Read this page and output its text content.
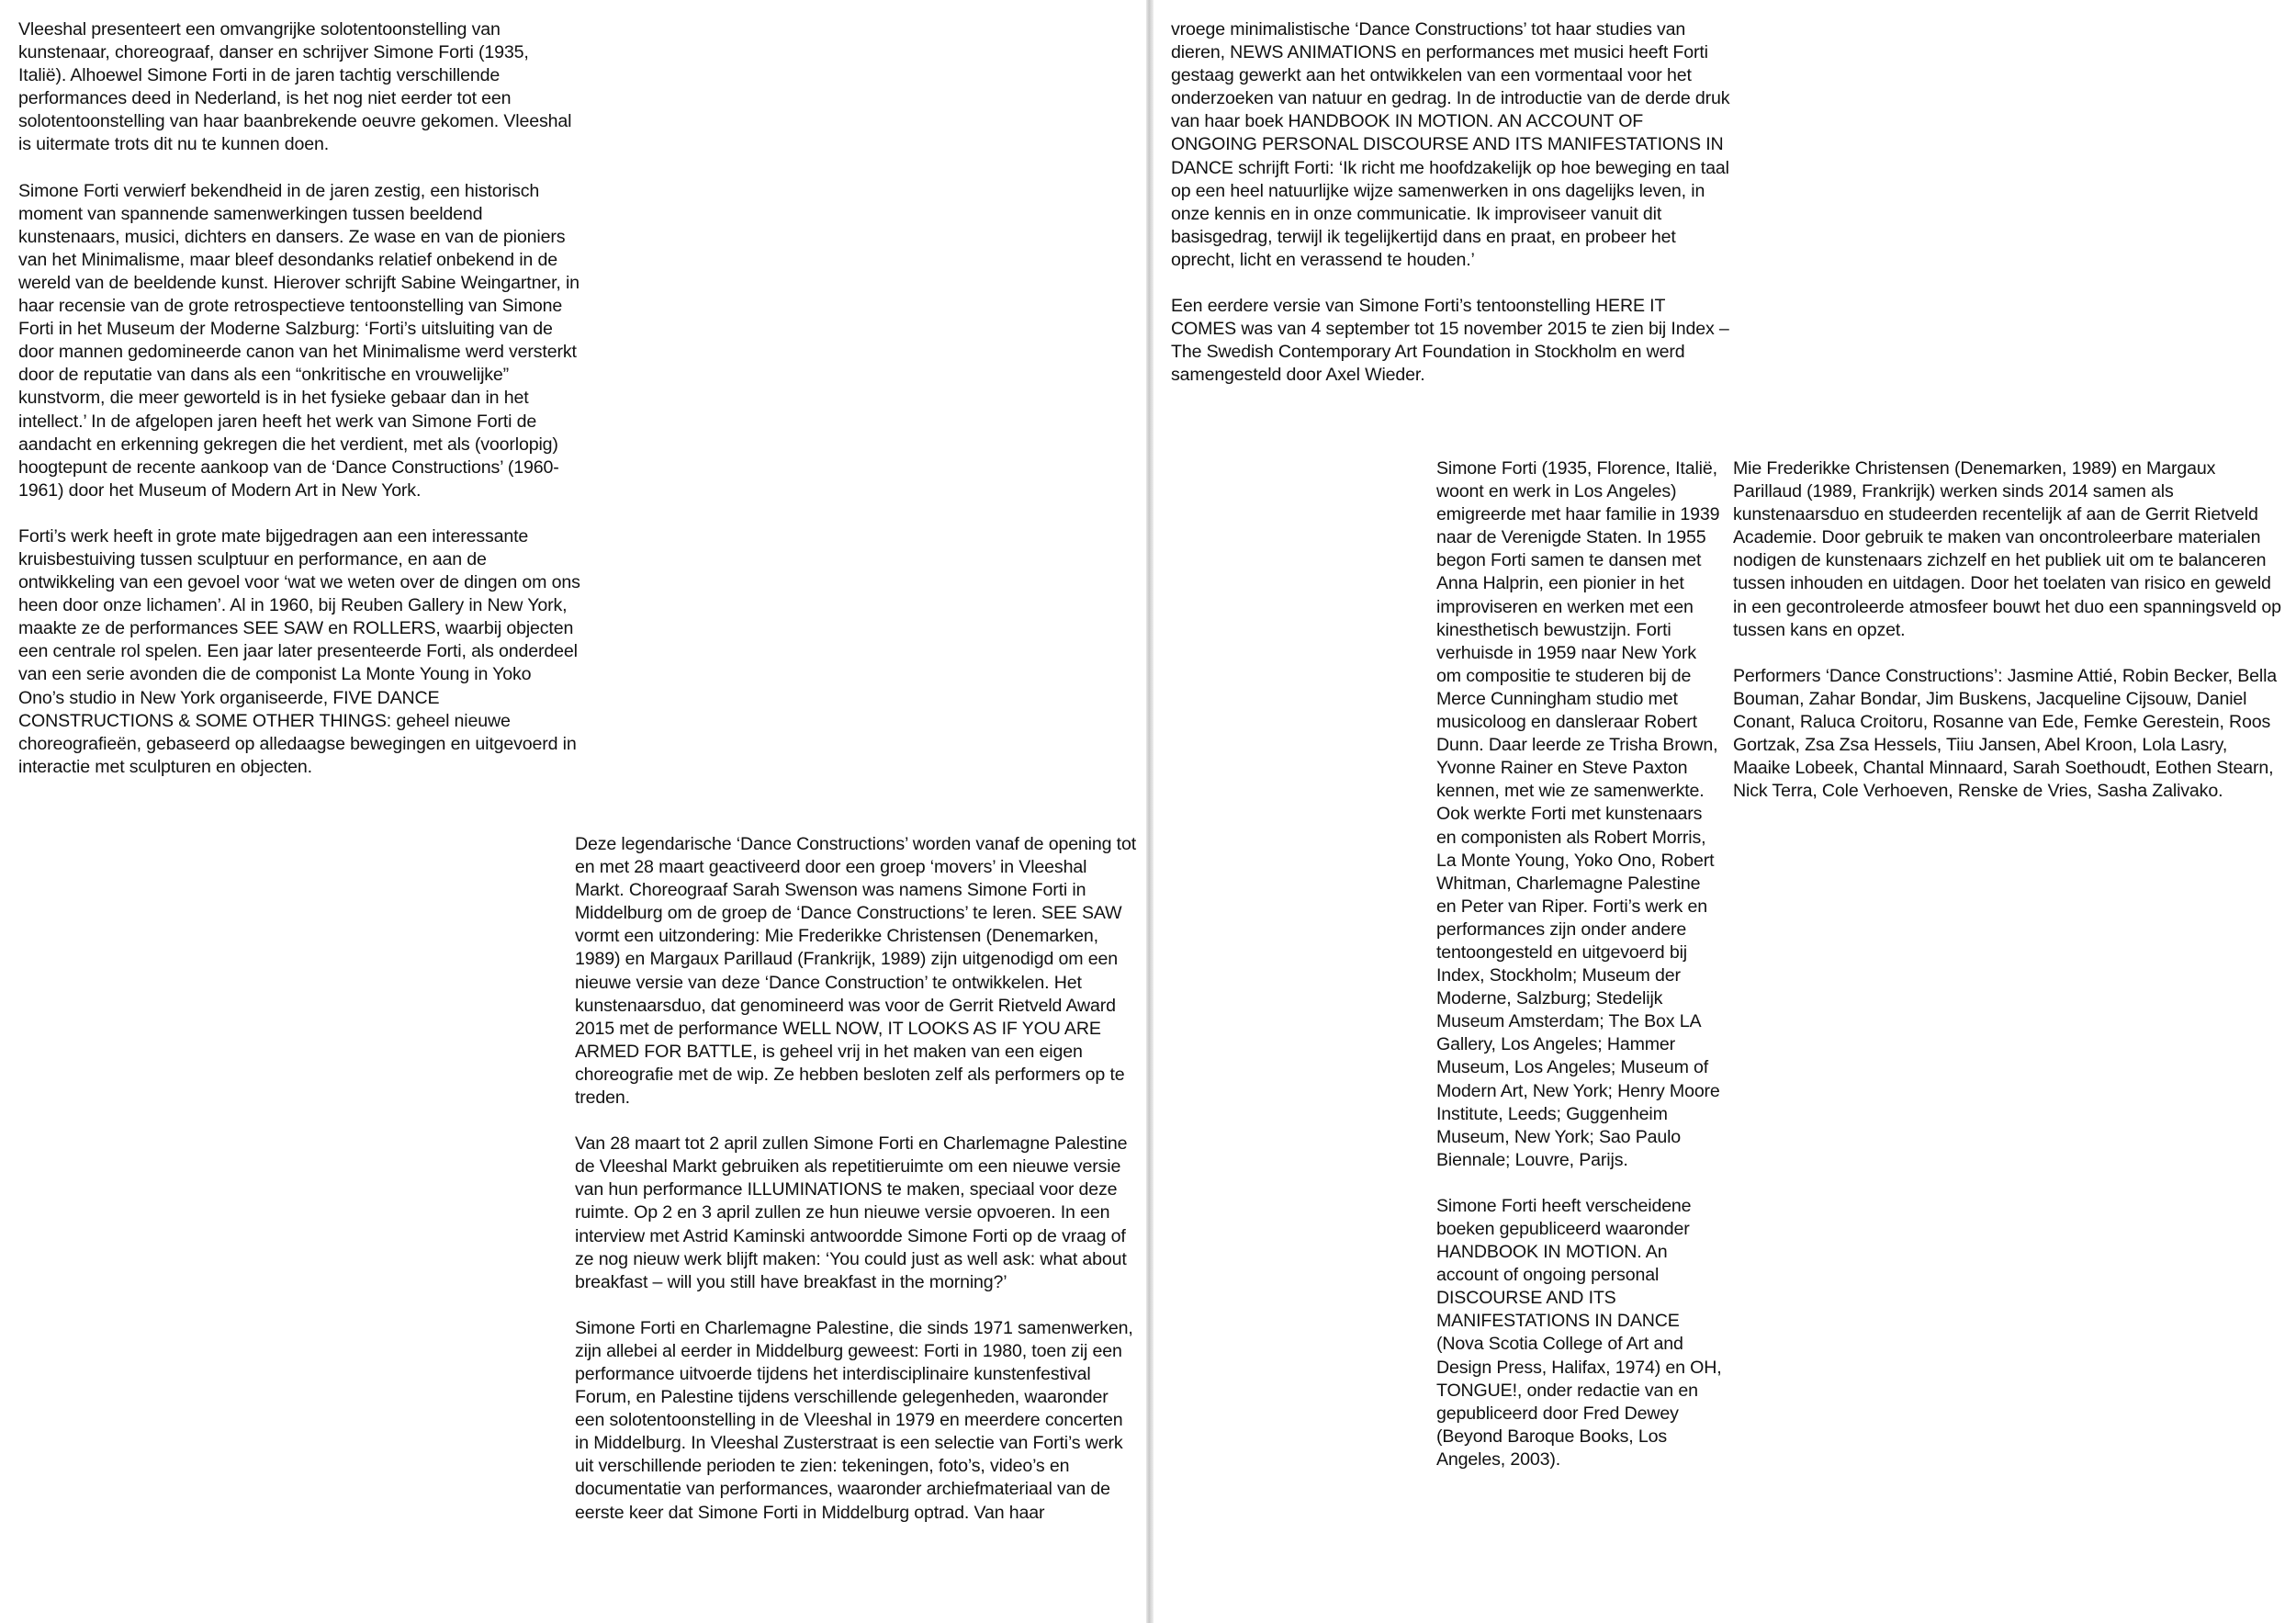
Vleeshal presenteert een omvangrijke solotentoonstelling van kunstenaar, choreograaf, danser en schrijver Simone Forti (1935, Italië). Alhoewel Simone Forti in de jaren tachtig verschillende performances deed in Nederland, is het nog niet eerder tot een solotentoonstelling van haar baanbrekende oeuvre gekomen. Vleeshal is uitermate trots dit nu te kunnen doen.

Simone Forti verwierf bekendheid in de jaren zestig, een historisch moment van spannende samenwerkingen tussen beeldend kunstenaars, musici, dichters en dansers. Ze wase en van de pioniers van het Minimalisme, maar bleef desondanks relatief onbekend in de wereld van de beeldende kunst. Hierover schrijft Sabine Weingartner, in haar recensie van de grote retrospectieve tentoonstelling van Simone Forti in het Museum der Moderne Salzburg: ‘Forti’s uitsluiting van de door mannen gedomineerde canon van het Minimalisme werd versterkt door de reputatie van dans als een “onkritische en vrouwelijke” kunstvorm, die meer geworteld is in het fysieke gebaar dan in het intellect.’ In de afgelopen jaren heeft het werk van Simone Forti de aandacht en erkenning gekregen die het verdient, met als (voorlopig) hoogtepunt de recente aankoop van de ‘Dance Constructions’ (1960-1961) door het Museum of Modern Art in New York.

Forti’s werk heeft in grote mate bijgedragen aan een interessante kruisbestuiving tussen sculptuur en performance, en aan de ontwikkeling van een gevoel voor ‘wat we weten over de dingen om ons heen door onze lichamen’. Al in 1960, bij Reuben Gallery in New York, maakte ze de performances SEE SAW en ROLLERS, waarbij objecten een centrale rol spelen. Een jaar later presenteerde Forti, als onderdeel van een serie avonden die de componist La Monte Young in Yoko Ono’s studio in New York organiseerde, FIVE DANCE CONSTRUCTIONS & SOME OTHER THINGS: geheel nieuwe choreografieën, gebaseerd op alledaagse bewegingen en uitgevoerd in interactie met sculpturen en objecten.

Deze legendarische ‘Dance Constructions’ worden vanaf de opening tot en met 28 maart geactiveerd door een groep ‘movers’ in Vleeshal Markt. Choreograaf Sarah Swenson was namens Simone Forti in Middelburg om de groep de ‘Dance Constructions’ te leren. SEE SAW vormt een uitzondering: Mie Frederikke Christensen (Denemarken, 1989) en Margaux Parillaud (Frankrijk, 1989) zijn uitgenodigd om een nieuwe versie van deze ‘Dance Construction’ te ontwikkelen. Het kunstenaarsduo, dat genomineerd was voor de Gerrit Rietveld Award 2015 met de performance WELL NOW, IT LOOKS AS IF YOU ARE ARMED FOR BATTLE, is geheel vrij in het maken van een eigen choreografie met de wip. Ze hebben besloten zelf als performers op te treden.

Van 28 maart tot 2 april zullen Simone Forti en Charlemagne Palestine de Vleeshal Markt gebruiken als repetitieruimte om een nieuwe versie van hun performance ILLUMINATIONS te maken, speciaal voor deze ruimte. Op 2 en 3 april zullen ze hun nieuwe versie opvoeren. In een interview met Astrid Kaminski antwoordde Simone Forti op de vraag of ze nog nieuw werk blijft maken: ‘You could just as well ask: what about breakfast – will you still have breakfast in the morning?’

Simone Forti en Charlemagne Palestine, die sinds 1971 samenwerken, zijn allebei al eerder in Middelburg geweest: Forti in 1980, toen zij een performance uitvoerde tijdens het interdisciplinaire kunstenfestival Forum, en Palestine tijdens verschillende gelegenheden, waaronder een solotentoonstelling in de Vleeshal in 1979 en meerdere concerten in Middelburg. In Vleeshal Zusterstraat is een selectie van Forti’s werk uit verschillende perioden te zien: tekeningen, foto’s, video’s en documentatie van performances, waaronder archiefmateriaal van de eerste keer dat Simone Forti in Middelburg optrad. Van haar

vroege minimalistische ‘Dance Constructions’ tot haar studies van dieren, NEWS ANIMATIONS en performances met musici heeft Forti gestaag gewerkt aan het ontwikkelen van een vormentaal voor het onderzoeken van natuur en gedrag. In de introductie van de derde druk van haar boek HANDBOOK IN MOTION. AN ACCOUNT OF ONGOING PERSONAL DISCOURSE AND ITS MANIFESTATIONS IN DANCE schrijft Forti: ‘Ik richt me hoofdzakelijk op hoe beweging en taal op een heel natuurlijke wijze samenwerken in ons dagelijks leven, in onze kennis en in onze communicatie. Ik improviseer vanuit dit basisgedrag, terwijl ik tegelijkertijd dans en praat, en probeer het oprecht, licht en verassend te houden.’

Een eerdere versie van Simone Forti’s tentoonstelling HERE IT COMES was van 4 september tot 15 november 2015 te zien bij Index – The Swedish Contemporary Art Foundation in Stockholm en werd samengesteld door Axel Wieder.

Simone Forti (1935, Florence, Italië, woont en werk in Los Angeles) emigreerde met haar familie in 1939 naar de Verenigde Staten. In 1955 begon Forti samen te dansen met Anna Halprin, een pionier in het improviseren en werken met een kinesthetisch bewustzijn. Forti verhuisde in 1959 naar New York om compositie te studeren bij de Merce Cunningham studio met musicoloog en dansleraar Robert Dunn. Daar leerde ze Trisha Brown, Yvonne Rainer en Steve Paxton kennen, met wie ze samenwerkte. Ook werkte Forti met kunstenaars en componisten als Robert Morris, La Monte Young, Yoko Ono, Robert Whitman, Charlemagne Palestine en Peter van Riper. Forti’s werk en performances zijn onder andere tentoongesteld en uitgevoerd bij Index, Stockholm; Museum der Moderne, Salzburg; Stedelijk Museum Amsterdam; The Box LA Gallery, Los Angeles; Hammer Museum, Los Angeles; Museum of Modern Art, New York; Henry Moore Institute, Leeds; Guggenheim Museum, New York; Sao Paulo Biennale; Louvre, Parijs.

Simone Forti heeft verscheidene boeken gepubliceerd waaronder HANDBOOK IN MOTION. An account of ongoing personal DISCOURSE AND ITS MANIFESTATIONS IN DANCE (Nova Scotia College of Art and Design Press, Halifax, 1974) en OH, TONGUE!, onder redactie van en gepubliceerd door Fred Dewey (Beyond Baroque Books, Los Angeles, 2003).

Mie Frederikke Christensen (Denemarken, 1989) en Margaux Parillaud (1989, Frankrijk) werken sinds 2014 samen als kunstenaarsduo en studeerden recentelijk af aan de Gerrit Rietveld Academie. Door gebruik te maken van oncontroleerbare materialen nodigen de kunstenaars zichzelf en het publiek uit om te balanceren tussen inhouden en uitdagen. Door het toelaten van risico en geweld in een gecontroleerde atmosfeer bouwt het duo een spanningsveld op tussen kans en opzet.

Performers ‘Dance Constructions’: Jasmine Attié, Robin Becker, Bella Bouman, Zahar Bondar, Jim Buskens, Jacqueline Cijsouw, Daniel Conant, Raluca Croitoru, Rosanne van Ede, Femke Gerestein, Roos Gortzak, Zsa Zsa Hessels, Tiiu Jansen, Abel Kroon, Lola Lasry, Maaike Lobeek, Chantal Minnaard, Sarah Soethoudt, Eothen Stearn, Nick Terra, Cole Verhoeven, Renske de Vries, Sasha Zalivako.
